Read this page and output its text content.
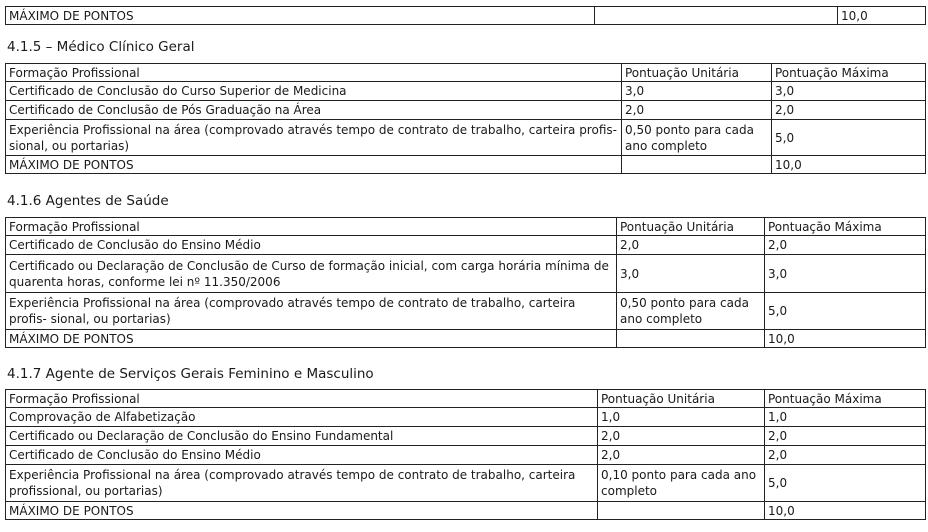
MÁXIMO DE PONTOS		10,0
4.1.5 – Médico Clínico Geral
Formação Profissional	Pontuação Unitária	Pontuação Máxima
Certificado de Conclusão do Curso Superior de Medicina	3,0	3,0
Certificado de Conclusão de Pós Graduação na Área	2,0	2,0
Experiência Profissional na área (comprovado através tempo de contrato de trabalho, carteira profis- sional, ou portarias)	0,50 ponto para cada ano completo	5,0
MÁXIMO DE PONTOS		10,0
4.1.6 Agentes de Saúde
Formação Profissional	Pontuação Unitária	Pontuação Máxima
Certificado de Conclusão do Ensino Médio	2,0	2,0
Certificado ou Declaração de Conclusão de Curso de formação inicial, com carga horária mínima de quarenta horas, conforme lei nº 11.350/2006	3,0	3,0
Experiência Profissional na área (comprovado através tempo de contrato de trabalho, carteira profis- sional, ou portarias)	0,50 ponto para cada ano completo	5,0
MÁXIMO DE PONTOS		10,0
4.1.7 Agente de Serviços Gerais Feminino e Masculino
Formação Profissional	Pontuação Unitária	Pontuação Máxima
Comprovação de Alfabetização	1,0	1,0
Certificado ou Declaração de Conclusão do Ensino Fundamental	2,0	2,0
Certificado de Conclusão do Ensino Médio	2,0	2,0
Experiência Profissional na área (comprovado através tempo de contrato de trabalho, carteira profissional, ou portarias)	0,10 ponto para cada ano completo	5,0
MÁXIMO DE PONTOS		10,0
